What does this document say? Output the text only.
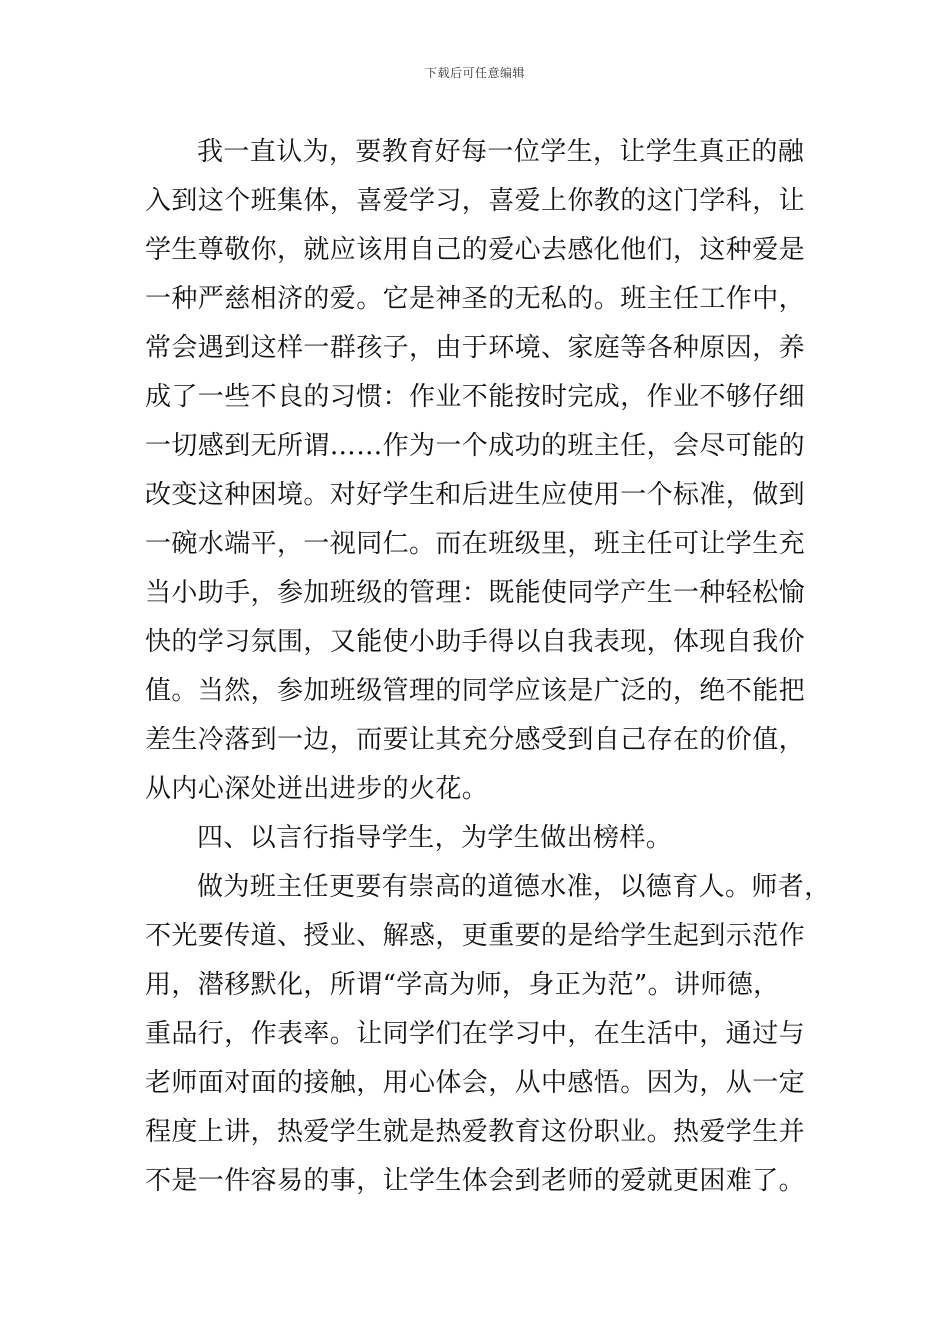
下载后可任意编辑
我一直认为，要教育好每一位学生，让学生真正的融
入到这个班集体，喜爱学习，喜爱上你教的这门学科，让
学生尊敬你，就应该用自己的爱心去感化他们，这种爱是
一种严慈相济的爱。它是神圣的无私的。班主任工作中，
常会遇到这样一群孩子，由于环境、家庭等各种原因，养
成了一些不良的习惯：作业不能按时完成，作业不够仔细
一切感到无所谓……作为一个成功的班主任，会尽可能的
改变这种困境。对好学生和后进生应使用一个标准，做到
一碗水端平，一视同仁。而在班级里，班主任可让学生充
当小助手，参加班级的管理：既能使同学产生一种轻松愉
快的学习氛围，又能使小助手得以自我表现，体现自我价
值。当然，参加班级管理的同学应该是广泛的，绝不能把
差生冷落到一边，而要让其充分感受到自己存在的价值，
从内心深处迸出进步的火花。
四、以言行指导学生，为学生做出榜样。
做为班主任更要有崇高的道德水准，以德育人。师者，
不光要传道、授业、解惑，更重要的是给学生起到示范作
用，潜移默化，所谓“学高为师，身正为范”。讲师德，
重品行，作表率。让同学们在学习中，在生活中，通过与
老师面对面的接触，用心体会，从中感悟。因为，从一定
程度上讲，热爱学生就是热爱教育这份职业。热爱学生并
不是一件容易的事，让学生体会到老师的爱就更困难了。
